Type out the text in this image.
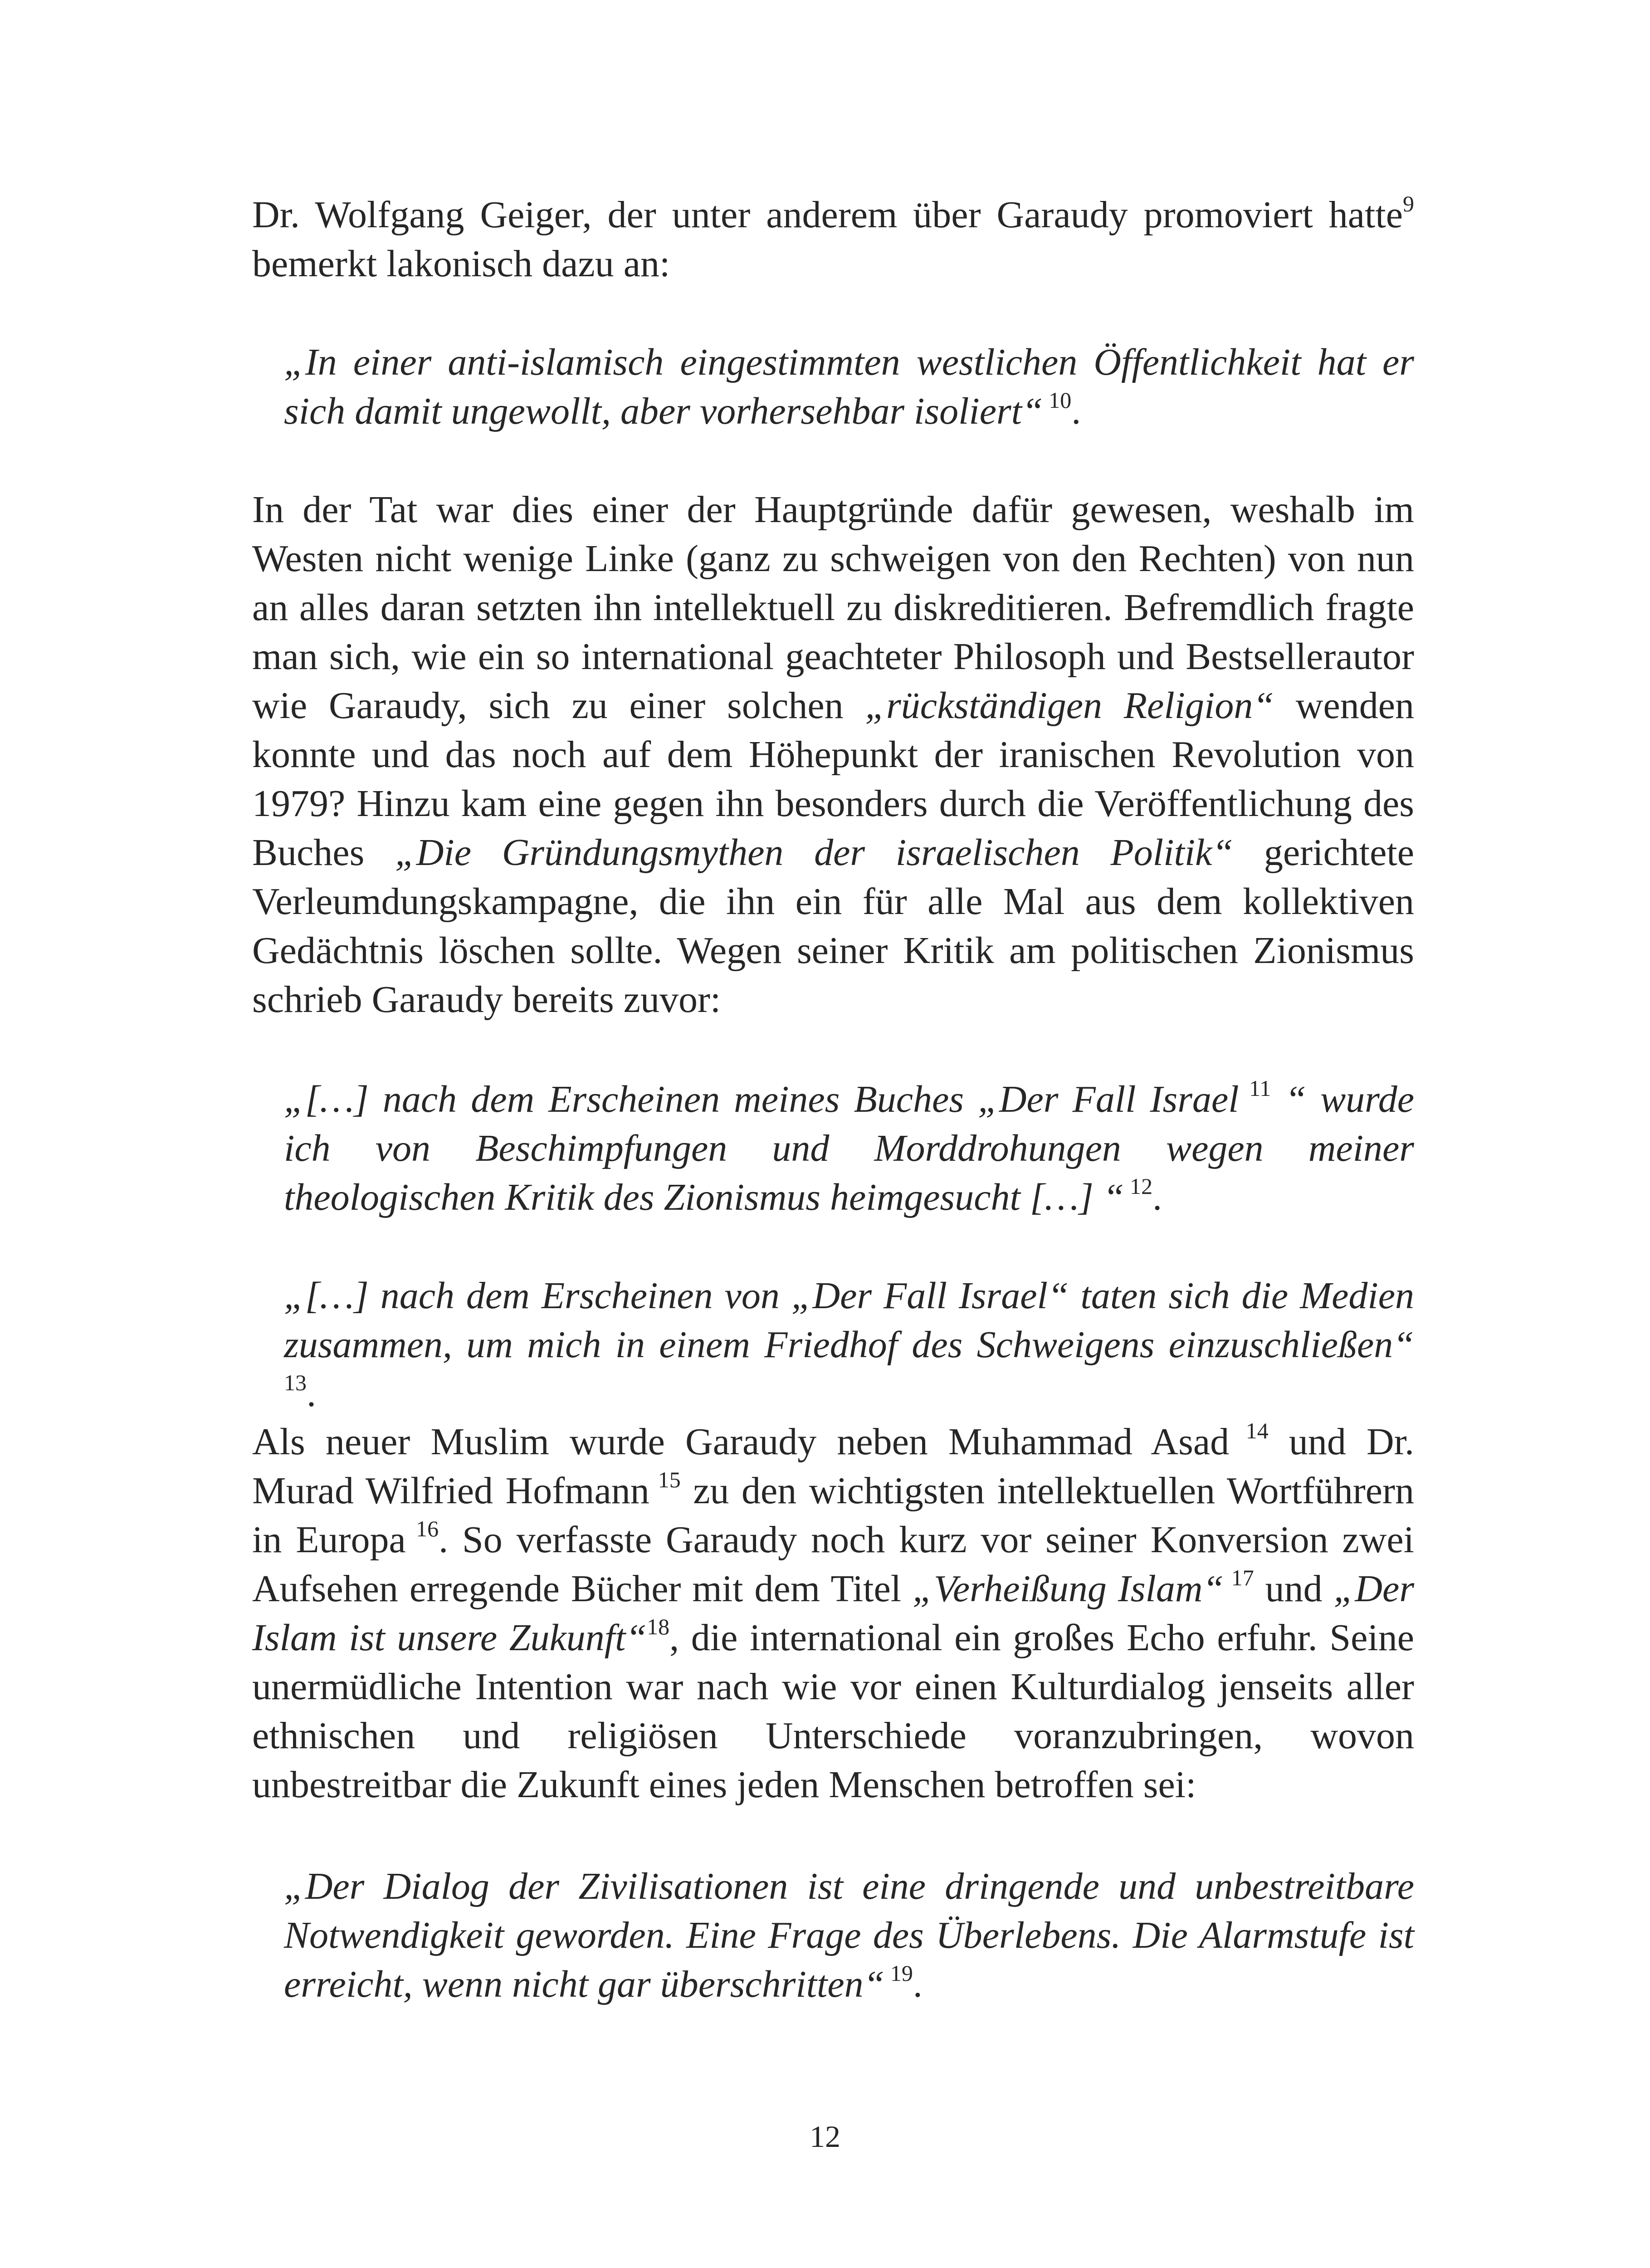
Dr. Wolfgang Geiger, der unter anderem über Garaudy promoviert hatte$^9$ bemerkt lakonisch dazu an:

„In einer anti-islamisch eingestimmten westlichen Öffentlichkeit hat er sich damit ungewollt, aber vorhersehbar isoliert“ $^{10}$.

In der Tat war dies einer der Hauptgründe dafür gewesen, weshalb im Westen nicht wenige Linke (ganz zu schweigen von den Rechten) von nun an alles daran setzten ihn intellektuell zu diskreditieren. Befremdlich fragte man sich, wie ein so international geachteter Philosoph und Bestsellerautor wie Garaudy, sich zu einer solchen „rückständigen Religion“ wenden konnte und das noch auf dem Höhepunkt der iranischen Revolution von 1979? Hinzu kam eine gegen ihn besonders durch die Veröffentlichung des Buches „Die Gründungsmythen der israelischen Politik“ gerichtete Verleumdungskampagne, die ihn ein für alle Mal aus dem kollektiven Gedächtnis löschen sollte. Wegen seiner Kritik am politischen Zionismus schrieb Garaudy bereits zuvor:

„[…] nach dem Erscheinen meines Buches „Der Fall Israel $^{11}$ “ wurde ich von Beschimpfungen und Morddrohungen wegen meiner theologischen Kritik des Zionismus heimgesucht […] “ $^{12}$.

„[…] nach dem Erscheinen von „Der Fall Israel“ taten sich die Medien zusammen, um mich in einem Friedhof des Schweigens einzuschließen“ $^{13}$.

Als neuer Muslim wurde Garaudy neben Muhammad Asad $^{14}$ und Dr. Murad Wilfried Hofmann $^{15}$ zu den wichtigsten intellektuellen Wortführern in Europa $^{16}$. So verfasste Garaudy noch kurz vor seiner Konversion zwei Aufsehen erregende Bücher mit dem Titel „Verheißung Islam“ $^{17}$ und „Der Islam ist unsere Zukunft“$^{18}$, die international ein großes Echo erfuhr. Seine unermüdliche Intention war nach wie vor einen Kulturdialog jenseits aller ethnischen und religiösen Unterschiede voranzubringen, wovon unbestreitbar die Zukunft eines jeden Menschen betroffen sei:

„Der Dialog der Zivilisationen ist eine dringende und unbestreitbare Notwendigkeit geworden. Eine Frage des Überlebens. Die Alarmstufe ist erreicht, wenn nicht gar überschritten“ $^{19}$.

12
